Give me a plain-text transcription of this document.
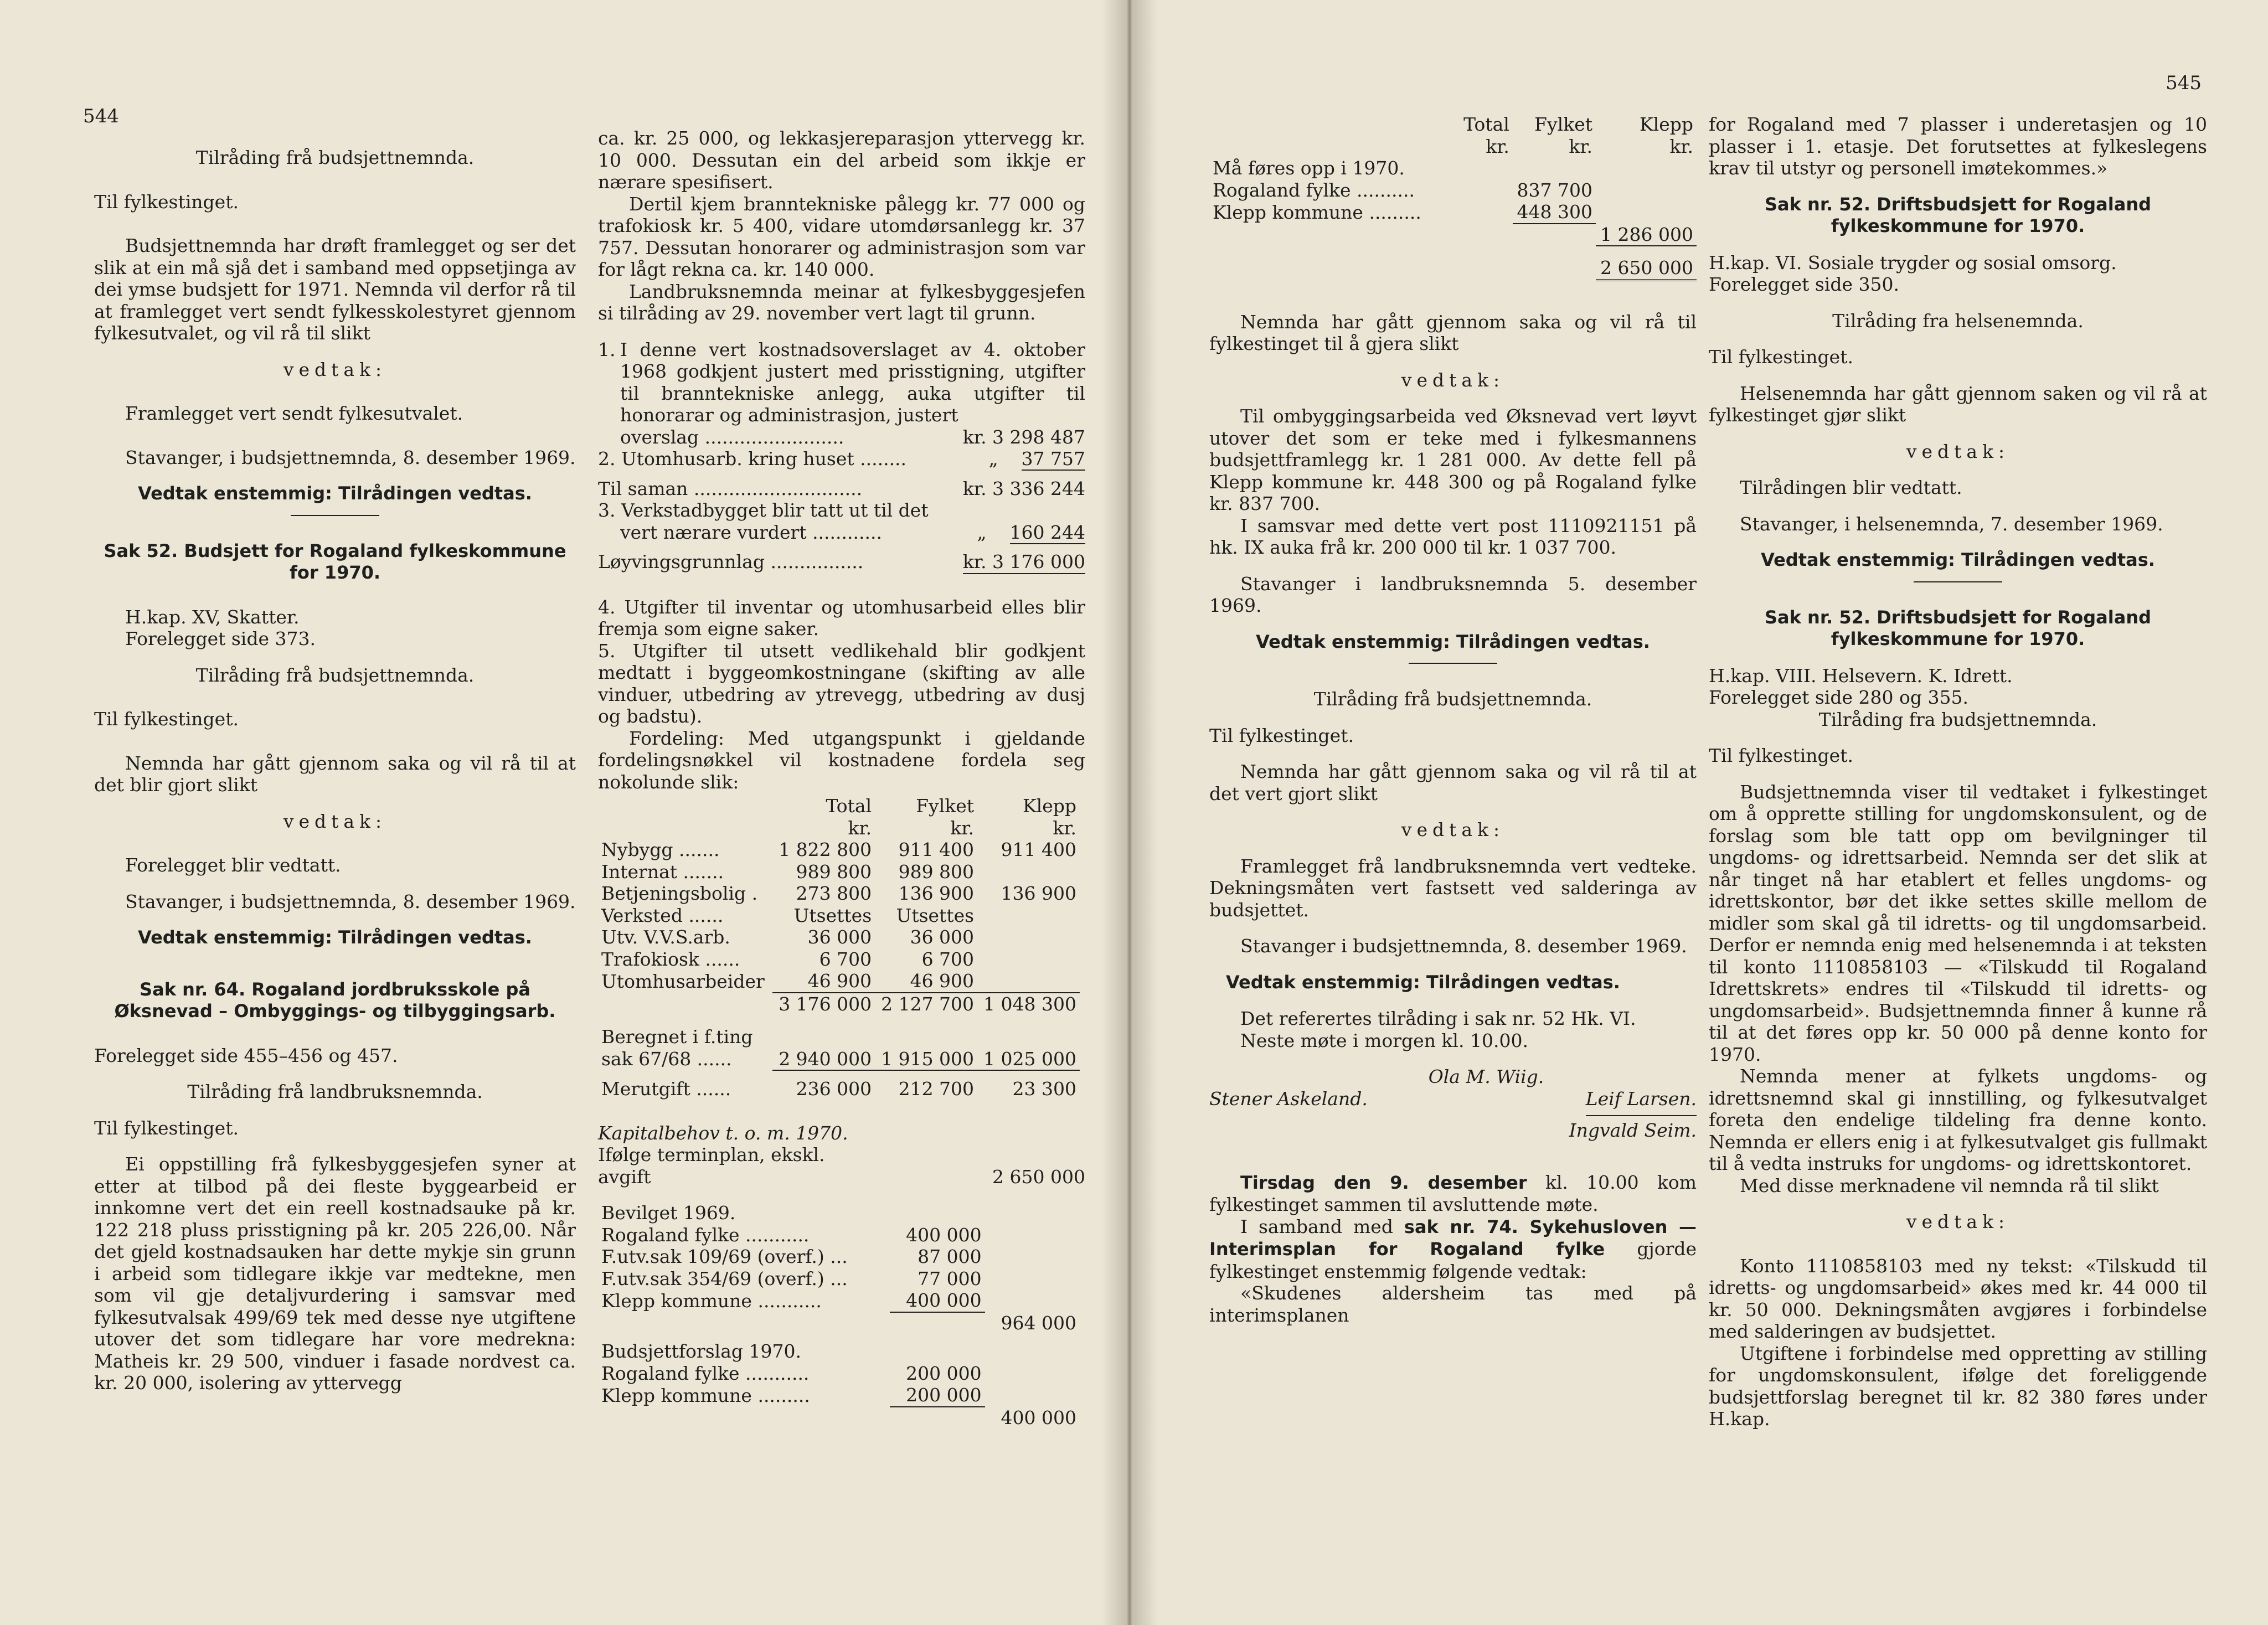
544

Tilråding frå budsjettnemnda.

Til fylkestinget.

Budsjettnemnda har drøft framlegget og ser det slik at ein må sjå det i samband med oppsetjinga av dei ymse budsjett for 1971. Nemnda vil derfor rå til at framlegget vert sendt fylkesskolestyret gjennom fylkesutvalet, og vil rå til slikt

vedtak:

Framlegget vert sendt fylkesutvalet.

Stavanger, i budsjettnemnda, 8. desember 1969.

Vedtak enstemmig: Tilrådingen vedtas.

Sak 52. Budsjett for Rogaland fylkeskommune for 1970.

H.kap. XV, Skatter.

Forelegget side 373.

Tilråding frå budsjettnemnda.

Til fylkestinget.

Nemnda har gått gjennom saka og vil rå til at det blir gjort slikt

vedtak:

Forelegget blir vedtatt.

Stavanger, i budsjettnemnda, 8. desember 1969.

Vedtak enstemmig: Tilrådingen vedtas.

Sak nr. 64. Rogaland jordbruksskole på Øksnevad – Ombyggings- og tilbyggingsarb.

Forelegget side 455–456 og 457.

Tilråding frå landbruksnemnda.

Til fylkestinget.

Ei oppstilling frå fylkesbyggesjefen syner at etter at tilbod på dei fleste byggearbeid er innkomne vert det ein reell kostnadsauke på kr. 122 218 pluss prisstigning på kr. 205 226,00. Når det gjeld kostnadsauken har dette mykje sin grunn i arbeid som tidlegare ikkje var medtekne, men som vil gje detaljvurdering i samsvar med fylkesutvalsak 499/69 tek med desse nye utgiftene utover det som tidlegare har vore medrekna: Matheis kr. 29 500, vinduer i fasade nordvest ca. kr. 20 000, isolering av yttervegg

ca. kr. 25 000, og lekkasjereparasjon yttervegg kr. 10 000. Dessutan ein del arbeid som ikkje er nærare spesifisert.

Dertil kjem branntekniske pålegg kr. 77 000 og trafokiosk kr. 5 400, vidare utomdørsanlegg kr. 37 757. Dessutan honorarer og administrasjon som var for lågt rekna ca. kr. 140 000.

Landbruksnemnda meinar at fylkesbyggesjefen si tilråding av 29. november vert lagt til grunn.

1. I denne vert kostnadsoverslaget av 4. oktober 1968 godkjent justert med prisstigning, utgifter til branntekniske anlegg, auka utgifter til honorarar og administrasjon, justert
overslag ........................	kr. 3 298 487
2. Utomhusarb. kring huset ........	„ 37 757
Til saman .............................	kr. 3 336 244

3. Verkstadbygget blir tatt ut til det

vert nærare vurdert ............	„ 160 244
Løyvingsgrunnlag ................	kr. 3 176 000

4. Utgifter til inventar og utomhusarbeid elles blir fremja som eigne saker.

5. Utgifter til utsett vedlikehald blir godkjent medtatt i byggeomkostningane (skifting av alle vinduer, utbedring av ytrevegg, utbedring av dusj og badstu).

Fordeling: Med utgangspunkt i gjeldande fordelingsnøkkel vil kostnadene fordela seg nokolunde slik:

	Total	Fylket	Klepp
	kr.	kr.	kr.
Nybygg .......	1 822 800	911 400	911 400
Internat .......	989 800	989 800	
Betjeningsbolig .	273 800	136 900	136 900
Verksted ......	Utsettes	Utsettes	
Utv. V.V.S.arb.	36 000	36 000	
Trafokiosk ......	6 700	6 700	
Utomhusarbeider	46 900	46 900	
	3 176 000	2 127 700	1 048 300

Beregnet i f.ting			
sak 67/68 ......	2 940 000	1 915 000	1 025 000

Merutgift ......	236 000	212 700	23 300

Kapitalbehov t. o. m. 1970.

Ifølge terminplan, ekskl.

avgift	2 650 000
Bevilget 1969.		
Rogaland fylke ...........	400 000	
F.utv.sak 109/69 (overf.) ...	87 000	
F.utv.sak 354/69 (overf.) ...	77 000	
Klepp kommune ...........	400 000	
		964 000

Budsjettforslag 1970.		
Rogaland fylke ...........	200 000	
Klepp kommune .........	200 000	
		400 000
545
	Total	Fylket	Klepp
	kr.	kr.	kr.
Må føres opp i 1970.			
Rogaland fylke ..........		837 700	
Klepp kommune .........		448 300	
			1 286 000

			2 650 000

Nemnda har gått gjennom saka og vil rå til fylkestinget til å gjera slikt

vedtak:

Til ombyggingsarbeida ved Øksnevad vert løyvt utover det som er teke med i fylkesmannens budsjettframlegg kr. 1 281 000. Av dette fell på Klepp kommune kr. 448 300 og på Rogaland fylke kr. 837 700.

I samsvar med dette vert post 1110921151 på hk. IX auka frå kr. 200 000 til kr. 1 037 700.

Stavanger i landbruksnemnda 5. desember 1969.

Vedtak enstemmig: Tilrådingen vedtas.

Tilråding frå budsjettnemnda.

Til fylkestinget.

Nemnda har gått gjennom saka og vil rå til at det vert gjort slikt

vedtak:

Framlegget frå landbruksnemnda vert vedteke. Dekningsmåten vert fastsett ved salderinga av budsjettet.

Stavanger i budsjettnemnda, 8. desember 1969.

Vedtak enstemmig: Tilrådingen vedtas.

Det referertes tilråding i sak nr. 52 Hk. VI.

Neste møte i morgen kl. 10.00.

Ola M. Wiig.

Stener Askeland.	Leif Larsen.

Ingvald Seim.

Tirsdag den 9. desember kl. 10.00 kom fylkestinget sammen til avsluttende møte.

I samband med sak nr. 74. Sykehusloven — Interimsplan for Rogaland fylke gjorde fylkestinget enstemmig følgende vedtak:

«Skudenes aldersheim tas med på interimsplanen

for Rogaland med 7 plasser i underetasjen og 10 plasser i 1. etasje. Det forutsettes at fylkeslegens krav til utstyr og personell imøtekommes.»

Sak nr. 52. Driftsbudsjett for Rogaland fylkeskommune for 1970.

H.kap. VI. Sosiale trygder og sosial omsorg.

Forelegget side 350.

Tilråding fra helsenemnda.

Til fylkestinget.

Helsenemnda har gått gjennom saken og vil rå at fylkestinget gjør slikt

vedtak:

Tilrådingen blir vedtatt.

Stavanger, i helsenemnda, 7. desember 1969.

Vedtak enstemmig: Tilrådingen vedtas.

Sak nr. 52. Driftsbudsjett for Rogaland fylkeskommune for 1970.

H.kap. VIII. Helsevern. K. Idrett.

Forelegget side 280 og 355.

Tilråding fra budsjettnemnda.

Til fylkestinget.

Budsjettnemnda viser til vedtaket i fylkestinget om å opprette stilling for ungdomskonsulent, og de forslag som ble tatt opp om bevilgninger til ungdoms- og idrettsarbeid. Nemnda ser det slik at når tinget nå har etablert et felles ungdoms- og idrettskontor, bør det ikke settes skille mellom de midler som skal gå til idretts- og til ungdomsarbeid. Derfor er nemnda enig med helsenemnda i at teksten til konto 1110858103 — «Tilskudd til Rogaland Idrettskrets» endres til «Tilskudd til idretts- og ungdomsarbeid». Budsjettnemnda finner å kunne rå til at det føres opp kr. 50 000 på denne konto for 1970.

Nemnda mener at fylkets ungdoms- og idrettsnemnd skal gi innstilling, og fylkesutvalget foreta den endelige tildeling fra denne konto. Nemnda er ellers enig i at fylkesutvalget gis fullmakt til å vedta instruks for ungdoms- og idrettskontoret.

Med disse merknadene vil nemnda rå til slikt

vedtak:

Konto 1110858103 med ny tekst: «Tilskudd til idretts- og ungdomsarbeid» økes med kr. 44 000 til kr. 50 000. Dekningsmåten avgjøres i forbindelse med salderingen av budsjettet.

Utgiftene i forbindelse med oppretting av stilling for ungdomskonsulent, ifølge det foreliggende budsjettforslag beregnet til kr. 82 380 føres under H.kap.
